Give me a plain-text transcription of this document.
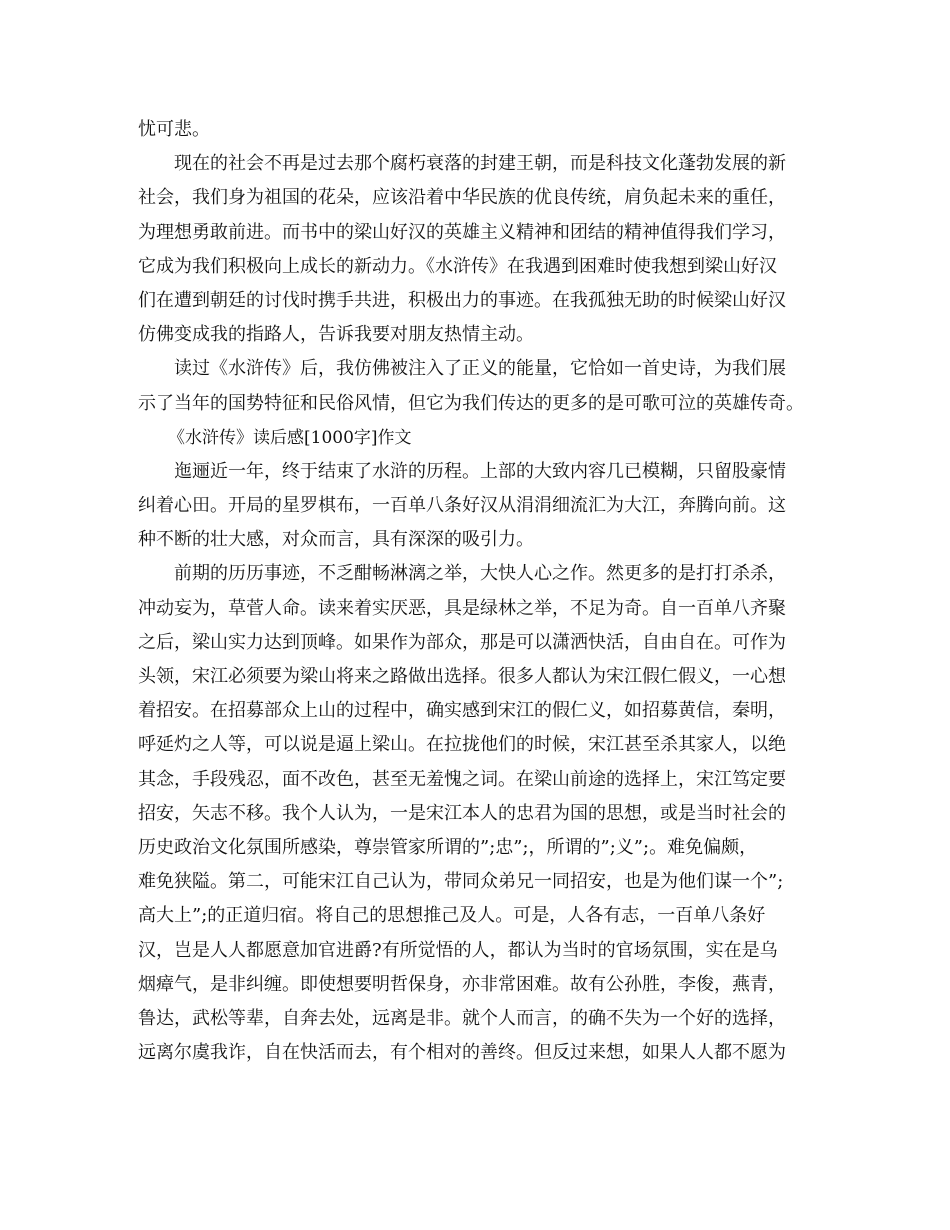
忧可悲。
现在的社会不再是过去那个腐朽衰落的封建王朝，而是科技文化蓬勃发展的新
社会，我们身为祖国的花朵，应该沿着中华民族的优良传统，肩负起未来的重任，
为理想勇敢前进。而书中的梁山好汉的英雄主义精神和团结的精神值得我们学习，
它成为我们积极向上成长的新动力。《水浒传》在我遇到困难时使我想到梁山好汉
们在遭到朝廷的讨伐时携手共进，积极出力的事迹。在我孤独无助的时候梁山好汉
仿佛变成我的指路人，告诉我要对朋友热情主动。
读过《水浒传》后，我仿佛被注入了正义的能量，它恰如一首史诗，为我们展
示了当年的国势特征和民俗风情，但它为我们传达的更多的是可歌可泣的英雄传奇。
《水浒传》读后感[1000字]作文
迤逦近一年，终于结束了水浒的历程。上部的大致内容几已模糊，只留股豪情
纠着心田。开局的星罗棋布，一百单八条好汉从涓涓细流汇为大江，奔腾向前。这
种不断的壮大感，对众而言，具有深深的吸引力。
前期的历历事迹，不乏酣畅淋漓之举，大快人心之作。然更多的是打打杀杀，
冲动妄为，草菅人命。读来着实厌恶，具是绿林之举，不足为奇。自一百单八齐聚
之后，梁山实力达到顶峰。如果作为部众，那是可以潇洒快活，自由自在。可作为
头领，宋江必须要为梁山将来之路做出选择。很多人都认为宋江假仁假义，一心想
着招安。在招募部众上山的过程中，确实感到宋江的假仁义，如招募黄信，秦明，
呼延灼之人等，可以说是逼上梁山。在拉拢他们的时候，宋江甚至杀其家人，以绝
其念，手段残忍，面不改色，甚至无羞愧之词。在梁山前途的选择上，宋江笃定要
招安，矢志不移。我个人认为，一是宋江本人的忠君为国的思想，或是当时社会的
历史政治文化氛围所感染，尊崇管家所谓的”;忠”;，所谓的”;义”;。难免偏颇，
难免狭隘。第二，可能宋江自己认为，带同众弟兄一同招安，也是为他们谋一个”;
高大上”;的正道归宿。将自己的思想推己及人。可是，人各有志，一百单八条好
汉，岂是人人都愿意加官进爵?有所觉悟的人，都认为当时的官场氛围，实在是乌
烟瘴气，是非纠缠。即使想要明哲保身，亦非常困难。故有公孙胜，李俊，燕青，
鲁达，武松等辈，自奔去处，远离是非。就个人而言，的确不失为一个好的选择，
远离尔虞我诈，自在快活而去，有个相对的善终。但反过来想，如果人人都不愿为
